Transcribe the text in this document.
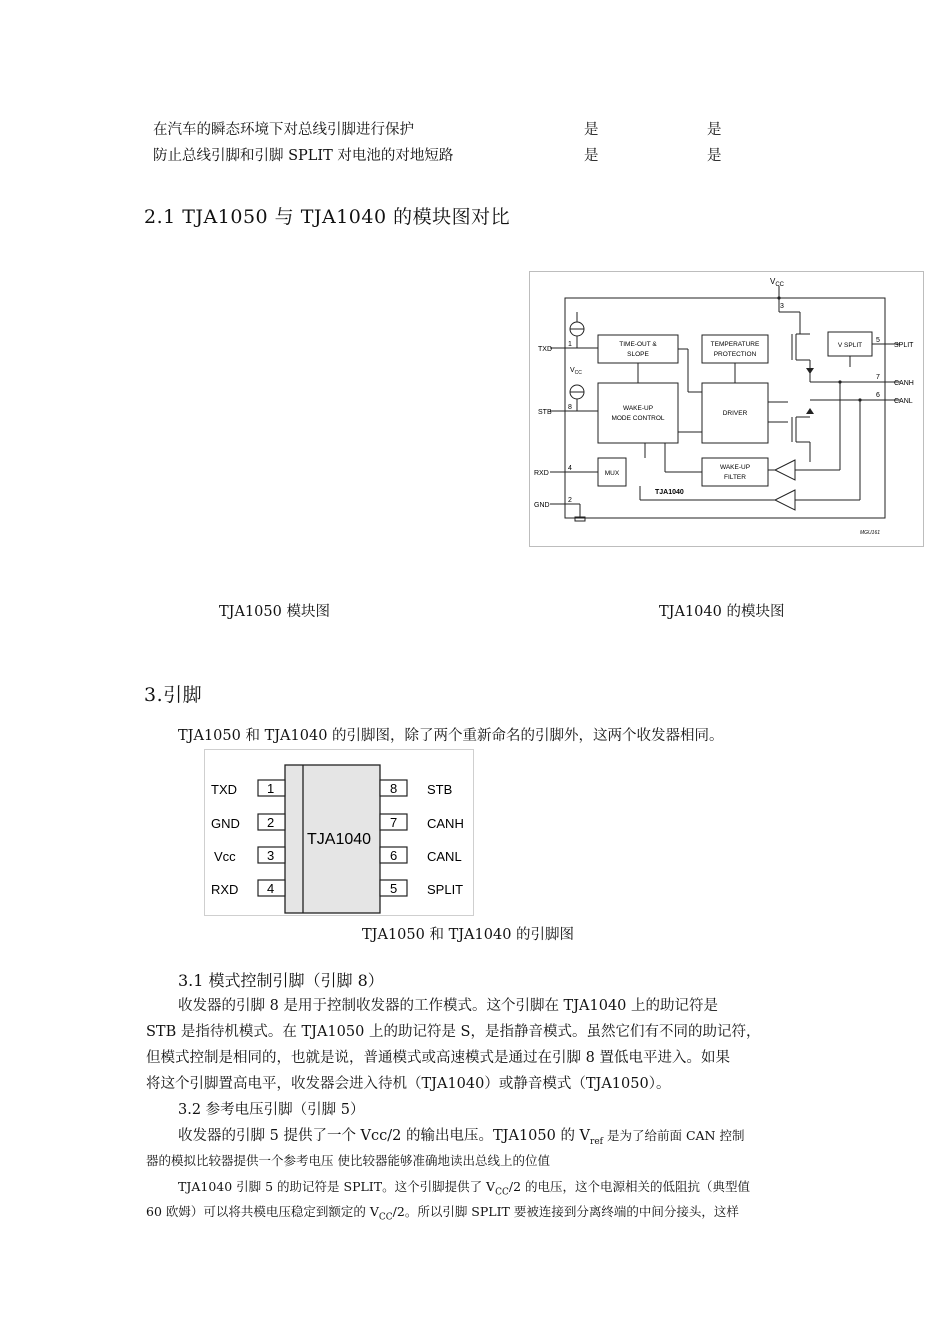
在汽车的瞬态环境下对总线引脚进行保护	是	是
防止总线引脚和引脚 SPLIT 对电池的对地短路	是	是
2.1 TJA1050 与 TJA1040 的模块图对比
$V_{CC}$
3
TXD
1
STB
8
RXD
4
GND
2
$V_{CC}$
5
SPLIT
7
CANH
6
CANL
TIME-OUT &
SLOPE
TEMPERATURE
PROTECTION
V SPLIT
WAKE-UP
MODE CONTROL
DRIVER
MUX
WAKE-UP
FILTER
TJA1040
MGU161
TJA1050 模块图	TJA1040 的模块图
3.引脚
TJA1050 和 TJA1040 的引脚图，除了两个重新命名的引脚外，这两个收发器相同。
TJA1040
TXD 1
GND 2
Vcc 3
RXD 4
STB
8
CANH
7
CANL
6
SPLIT
5
TJA1050 和 TJA1040 的引脚图
3.1 模式控制引脚（引脚 8）
收发器的引脚 8 是用于控制收发器的工作模式。这个引脚在 TJA1040 上的助记符是
STB 是指待机模式。在 TJA1050 上的助记符是 S，是指静音模式。虽然它们有不同的助记符，
但模式控制是相同的，也就是说，普通模式或高速模式是通过在引脚 8 置低电平进入。如果
将这个引脚置高电平，收发器会进入待机（TJA1040）或静音模式（TJA1050）。
3.2 参考电压引脚（引脚 5）
收发器的引脚 5 提供了一个 Vcc/2 的输出电压。TJA1050 的 $V_{ref}$ 是为了给前面 CAN 控制
器的模拟比较器提供一个参考电压 使比较器能够准确地读出总线上的位值
TJA1040 引脚 5 的助记符是 SPLIT。这个引脚提供了 $V_{CC}/2$ 的电压，这个电源相关的低阻抗（典型值
60 欧姆）可以将共模电压稳定到额定的 $V_{CC}/2$。所以引脚 SPLIT 要被连接到分离终端的中间分接头，这样
